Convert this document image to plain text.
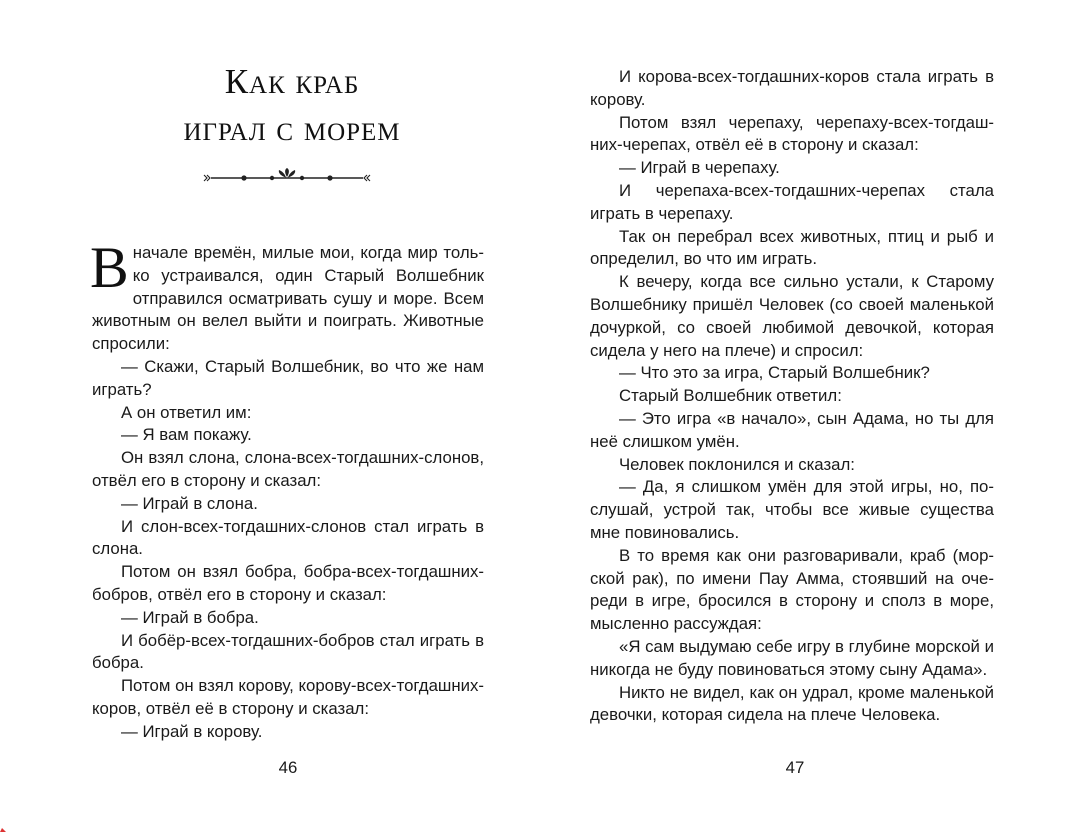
Как краб
играл с морем

Вначале времён, милые мои, когда мир только устраивался, один Старый Волшебник отправился осматривать сушу и море. Всем животным он велел выйти и поиграть. Животные спросили:

— Скажи, Старый Волшебник, во что же нам играть?

А он ответил им:

— Я вам покажу.

Он взял слона, слона-всех-тогдашних-слонов, отвёл его в сторону и сказал:

— Играй в слона.

И слон-всех-тогдашних-слонов стал играть в слона.

Потом он взял бобра, бобра-всех-тогдашних-бобров, отвёл его в сторону и сказал:

— Играй в бобра.

И бобёр-всех-тогдашних-бобров стал играть в бобра.

Потом он взял корову, корову-всех-тогдашних-коров, отвёл её в сторону и сказал:

— Играй в корову.

46

И корова-всех-тогдашних-коров стала играть в корову.

Потом взял черепаху, черепаху-всех-тогдашних-черепах, отвёл её в сторону и сказал:

— Играй в черепаху.

И черепаха-всех-тогдашних-черепах стала играть в черепаху.

Так он перебрал всех животных, птиц и рыб и определил, во что им играть.

К вечеру, когда все сильно устали, к Старому Волшебнику пришёл Человек (со своей маленькой дочуркой, со своей любимой девочкой, которая сидела у него на плече) и спросил:

— Что это за игра, Старый Волшебник?

Старый Волшебник ответил:

— Это игра «в начало», сын Адама, но ты для неё слишком умён.

Человек поклонился и сказал:

— Да, я слишком умён для этой игры, но, послушай, устрой так, чтобы все живые существа мне повиновались.

В то время как они разговаривали, краб (морской рак), по имени Пау Амма, стоявший на очереди в игре, бросился в сторону и сполз в море, мысленно рассуждая:

«Я сам выдумаю себе игру в глубине морской и никогда не буду повиноваться этому сыну Адама».

Никто не видел, как он удрал, кроме маленькой девочки, которая сидела на плече Человека.

47
